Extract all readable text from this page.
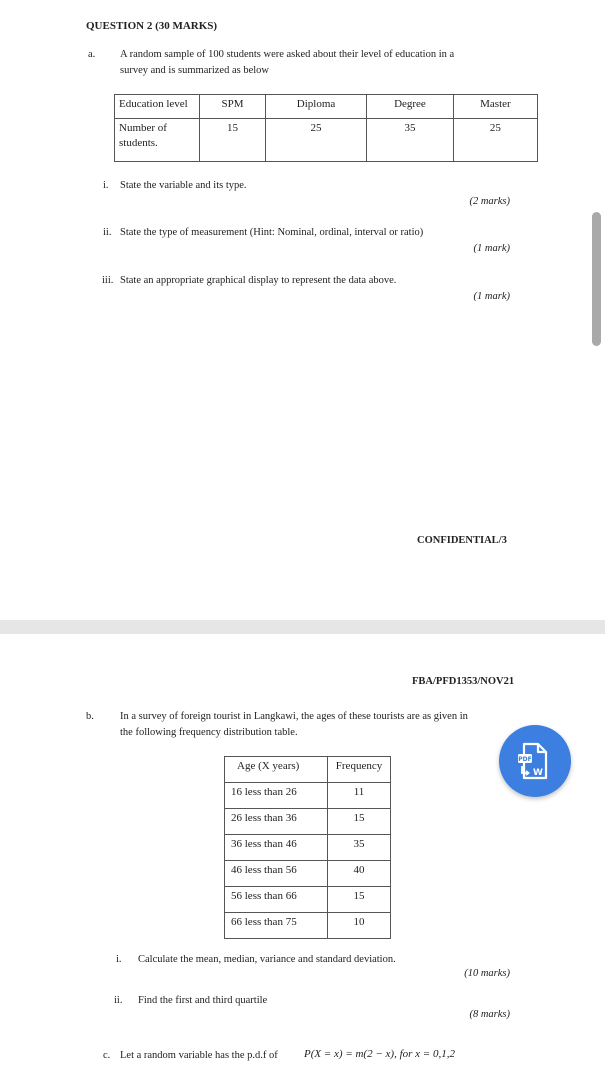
QUESTION 2 (30 MARKS)
a. A random sample of 100 students were asked about their level of education in a
survey and is summarized as below
Education level	SPM	Diploma	Degree	Master

Number of
students.	15	25	35	25
i. State the variable and its type.
(2 marks)
ii. State the type of measurement (Hint: Nominal, ordinal, interval or ratio)
(1 mark)
iii. State an appropriate graphical display to represent the data above.
(1 mark)
CONFIDENTIAL/3
FBA/PFD1353/NOV21
b. In a survey of foreign tourist in Langkawi, the ages of these tourists are as given in
the following frequency distribution table.
Age (X years)	Frequency
16 less than 26	11
26 less than 36	15
36 less than 46	35
46 less than 56	40
56 less than 66	15
66 less than 75	10
i. Calculate the mean, median, variance and standard deviation.
(10 marks)
ii. Find the first and third quartile
(8 marks)
c. Let a random variable has the p.d.f of P(X = x) = m(2 − x), for x = 0,1,2
PDF
W
